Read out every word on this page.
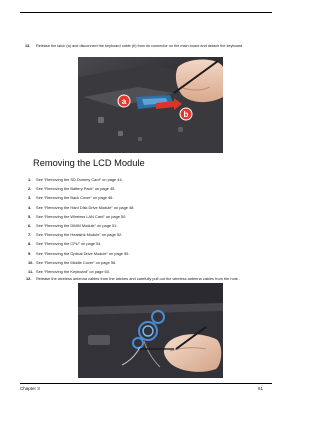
13. Release the latch (a) and disconnect the keyboard cable (b) from its connector on the main board and detach the keyboard.
a
b
Removing the LCD Module
1. See “Removing the SD Dummy Card” on page 44.
2. See “Removing the Battery Pack” on page 45.
3. See “Removing the Back Cover” on page 46.
4. See “Removing the Hard Disk Drive Module” on page 48.
5. See “Removing the Wireless LAN Card” on page 50.
6. See “Removing the DIMM Module” on page 51.
7. See “Removing the Heatsink Module” on page 52.
8. See “Removing the CPU” on page 54.
9. See “Removing the Optical Drive Module” on page 55.
10. See “Removing the Middle Cover” on page 56.
11. See “Removing the Keyboard” on page 60.
12. Release the wireless antenna cables from the latches and carefully pull out the wireless antenna cables from the hole..
Chapter 3	61
